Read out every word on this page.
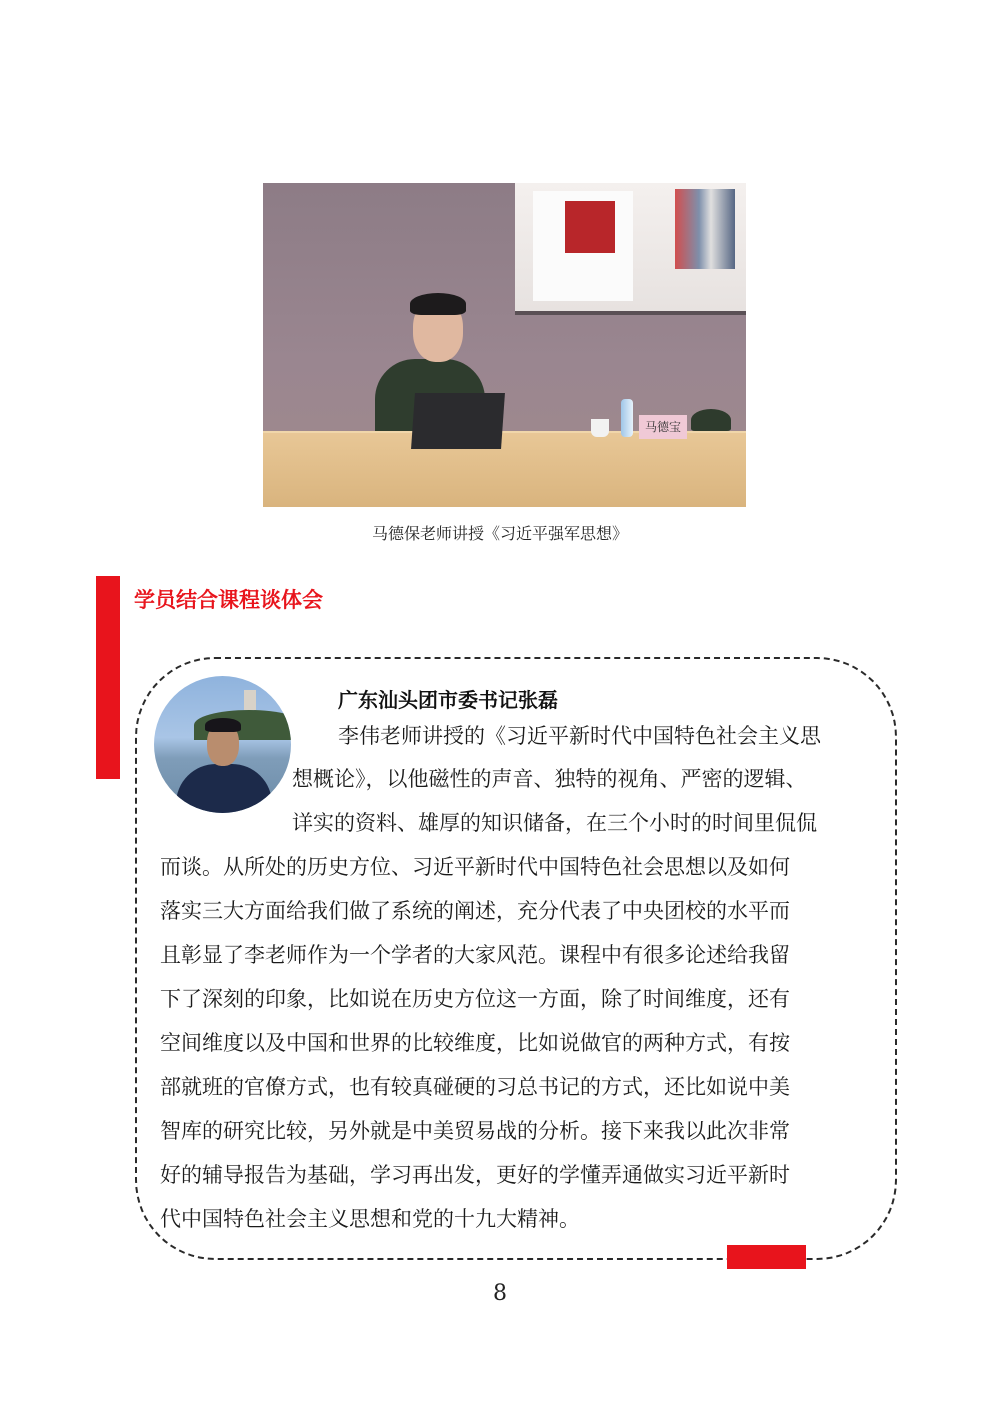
马德宝
马德保老师讲授《习近平强军思想》
学员结合课程谈体会
广东汕头团市委书记张磊
李伟老师讲授的《习近平新时代中国特色社会主义思
想概论》，以他磁性的声音、独特的视角、严密的逻辑、
详实的资料、雄厚的知识储备，在三个小时的时间里侃侃
而谈。从所处的历史方位、习近平新时代中国特色社会思想以及如何
落实三大方面给我们做了系统的阐述，充分代表了中央团校的水平而
且彰显了李老师作为一个学者的大家风范。课程中有很多论述给我留
下了深刻的印象，比如说在历史方位这一方面，除了时间维度，还有
空间维度以及中国和世界的比较维度，比如说做官的两种方式，有按
部就班的官僚方式，也有较真碰硬的习总书记的方式，还比如说中美
智库的研究比较，另外就是中美贸易战的分析。接下来我以此次非常
好的辅导报告为基础，学习再出发，更好的学懂弄通做实习近平新时
代中国特色社会主义思想和党的十九大精神。
8
